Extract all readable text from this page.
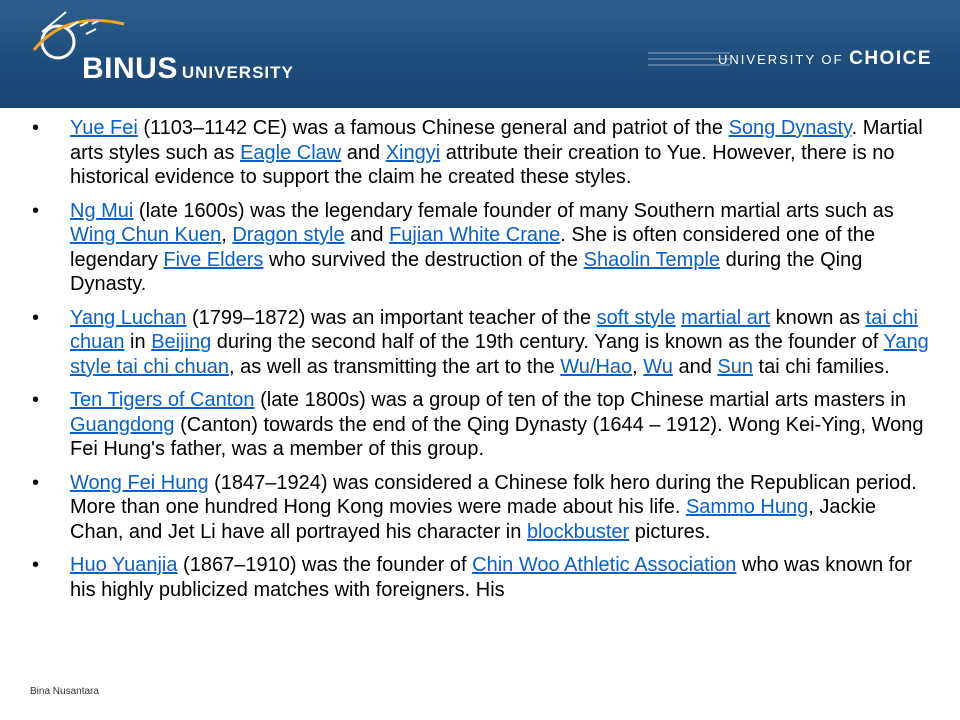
BINUS UNIVERSITY
UNIVERSITY OF CHOICE
• Yue Fei (1103–1142 CE) was a famous Chinese general and patriot of the Song Dynasty. Martial arts styles such as Eagle Claw and Xingyi attribute their creation to Yue. However, there is no historical evidence to support the claim he created these styles.
• Ng Mui (late 1600s) was the legendary female founder of many Southern martial arts such as Wing Chun Kuen, Dragon style and Fujian White Crane. She is often considered one of the legendary Five Elders who survived the destruction of the Shaolin Temple during the Qing Dynasty.
• Yang Luchan (1799–1872) was an important teacher of the soft style martial art known as tai chi chuan in Beijing during the second half of the 19th century. Yang is known as the founder of Yang style tai chi chuan, as well as transmitting the art to the Wu/Hao, Wu and Sun tai chi families.
• Ten Tigers of Canton (late 1800s) was a group of ten of the top Chinese martial arts masters in Guangdong (Canton) towards the end of the Qing Dynasty (1644 – 1912). Wong Kei-Ying, Wong Fei Hung's father, was a member of this group.
• Wong Fei Hung (1847–1924) was considered a Chinese folk hero during the Republican period. More than one hundred Hong Kong movies were made about his life. Sammo Hung, Jackie Chan, and Jet Li have all portrayed his character in blockbuster pictures.
• Huo Yuanjia (1867–1910) was the founder of Chin Woo Athletic Association who was known for his highly publicized matches with foreigners. His
Bina Nusantara
